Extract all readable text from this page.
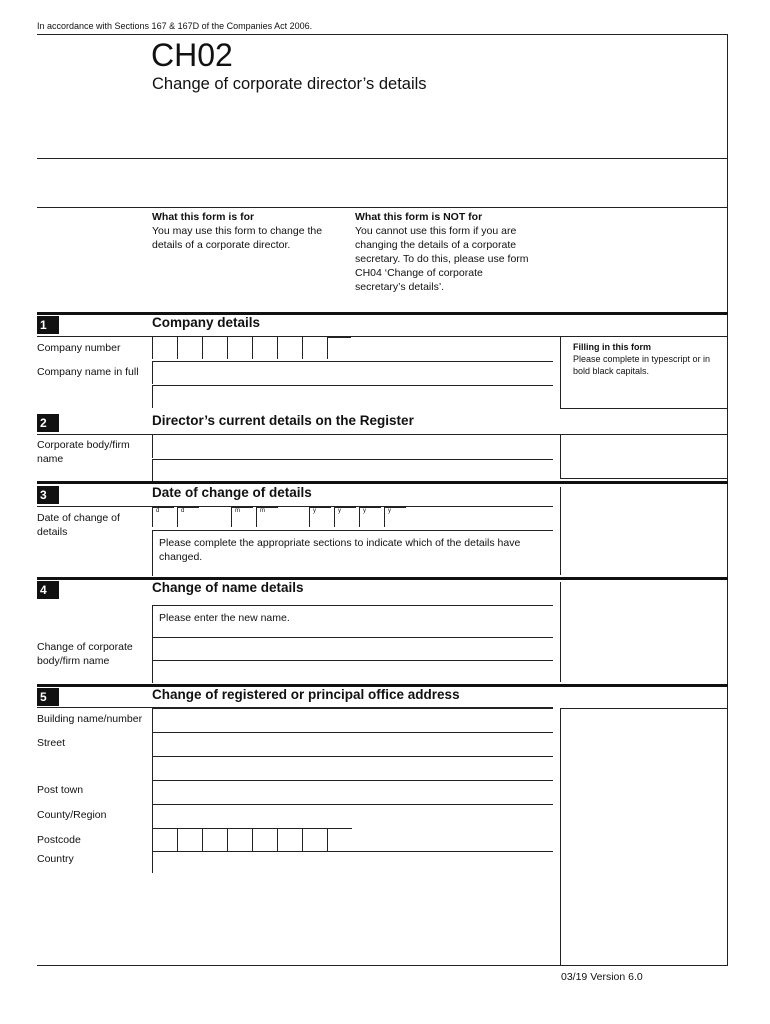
In accordance with Sections 167 & 167D of the Companies Act 2006.
CH02
Change of corporate director’s details
What this form is for
You may use this form to change the details of a corporate director.
What this form is NOT for
You cannot use this form if you are changing the details of a corporate secretary. To do this, please use form CH04 ‘Change of corporate secretary’s details’.
1	Company details
Filling in this form
Please complete in typescript or in bold black capitals.
Company number
Company name in full
2	Director’s current details on the Register
Corporate body/firm name
3	Date of change of details
Date of change of details
d	d	m	m	y	y	y	y
Please complete the appropriate sections to indicate which of the details have changed.
4	Change of name details
Please enter the new name.
Change of corporate body/firm name
5	Change of registered or principal office address
Building name/number
Street
Post town
County/Region
Postcode
Country
03/19 Version 6.0
